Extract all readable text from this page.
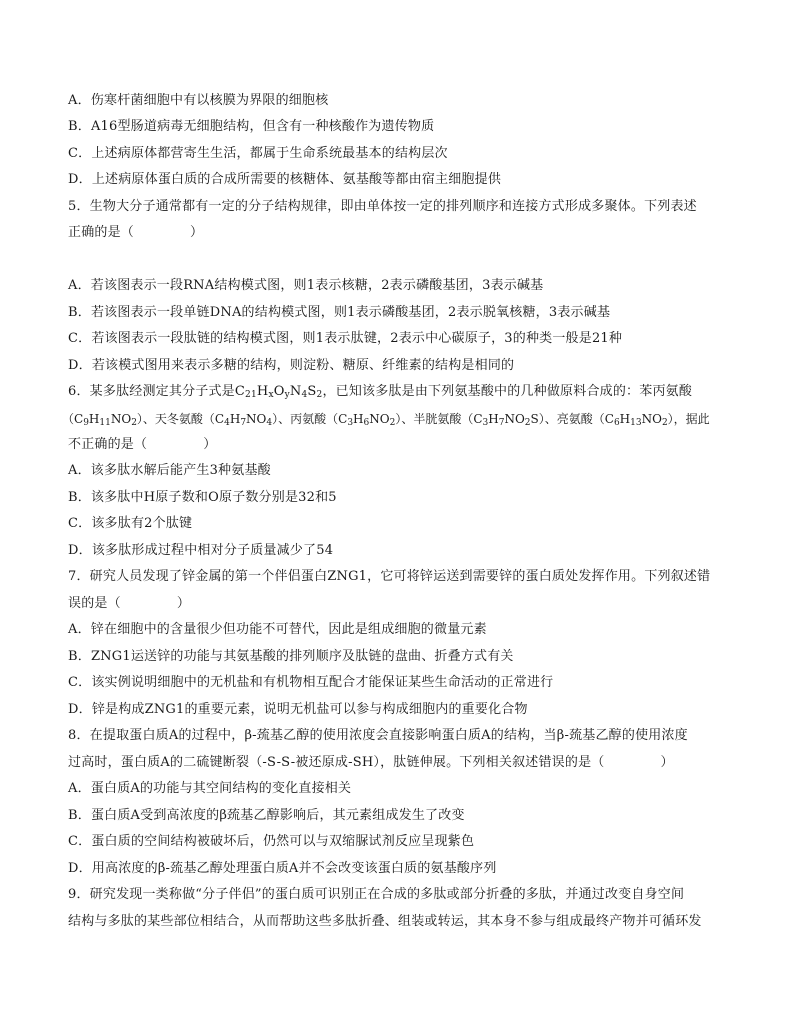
A．伤寒杆菌细胞中有以核膜为界限的细胞核
B．A16型肠道病毒无细胞结构，但含有一种核酸作为遗传物质
C．上述病原体都营寄生生活，都属于生命系统最基本的结构层次
D．上述病原体蛋白质的合成所需要的核糖体、氨基酸等都由宿主细胞提供
5．生物大分子通常都有一定的分子结构规律，即由单体按一定的排列顺序和连接方式形成多聚体。下列表述
正确的是（	）
A．若该图表示一段RNA结构模式图，则1表示核糖，2表示磷酸基团，3表示碱基
B．若该图表示一段单链DNA的结构模式图，则1表示磷酸基团，2表示脱氧核糖，3表示碱基
C．若该图表示一段肽链的结构模式图，则1表示肽键，2表示中心碳原子，3的种类一般是21种
D．若该模式图用来表示多糖的结构，则淀粉、糖原、纤维素的结构是相同的
6．某多肽经测定其分子式是$C_{21}H_xO_yN_4S_2$，已知该多肽是由下列氨基酸中的几种做原料合成的：苯丙氨酸
$(C_9H_{11}NO_2)$、天冬氨酸$(C_4H_7NO_4)$、丙氨酸$(C_3H_6NO_2)$、半胱氨酸$(C_3H_7NO_2S)$、亮氨酸$(C_6H_{13}NO_2)$，据此
不正确的是（	）
A．该多肽水解后能产生3种氨基酸
B．该多肽中H原子数和O原子数分别是32和5
C．该多肽有2个肽键
D．该多肽形成过程中相对分子质量减少了54
7．研究人员发现了锌金属的第一个伴侣蛋白ZNG1，它可将锌运送到需要锌的蛋白质处发挥作用。下列叙述错
误的是（	）
A．锌在细胞中的含量很少但功能不可替代，因此是组成细胞的微量元素
B．ZNG1运送锌的功能与其氨基酸的排列顺序及肽链的盘曲、折叠方式有关
C．该实例说明细胞中的无机盐和有机物相互配合才能保证某些生命活动的正常进行
D．锌是构成ZNG1的重要元素，说明无机盐可以参与构成细胞内的重要化合物
8．在提取蛋白质A的过程中，β-巯基乙醇的使用浓度会直接影响蛋白质A的结构，当β-巯基乙醇的使用浓度
过高时，蛋白质A的二硫键断裂（-S-S-被还原成-SH），肽链伸展。下列相关叙述错误的是（	）
A．蛋白质A的功能与其空间结构的变化直接相关
B．蛋白质A受到高浓度的β巯基乙醇影响后，其元素组成发生了改变
C．蛋白质的空间结构被破坏后，仍然可以与双缩脲试剂反应呈现紫色
D．用高浓度的β-巯基乙醇处理蛋白质A并不会改变该蛋白质的氨基酸序列
9．研究发现一类称做“分子伴侣”的蛋白质可识别正在合成的多肽或部分折叠的多肽，并通过改变自身空间
结构与多肽的某些部位相结合，从而帮助这些多肽折叠、组装或转运，其本身不参与组成最终产物并可循环发
